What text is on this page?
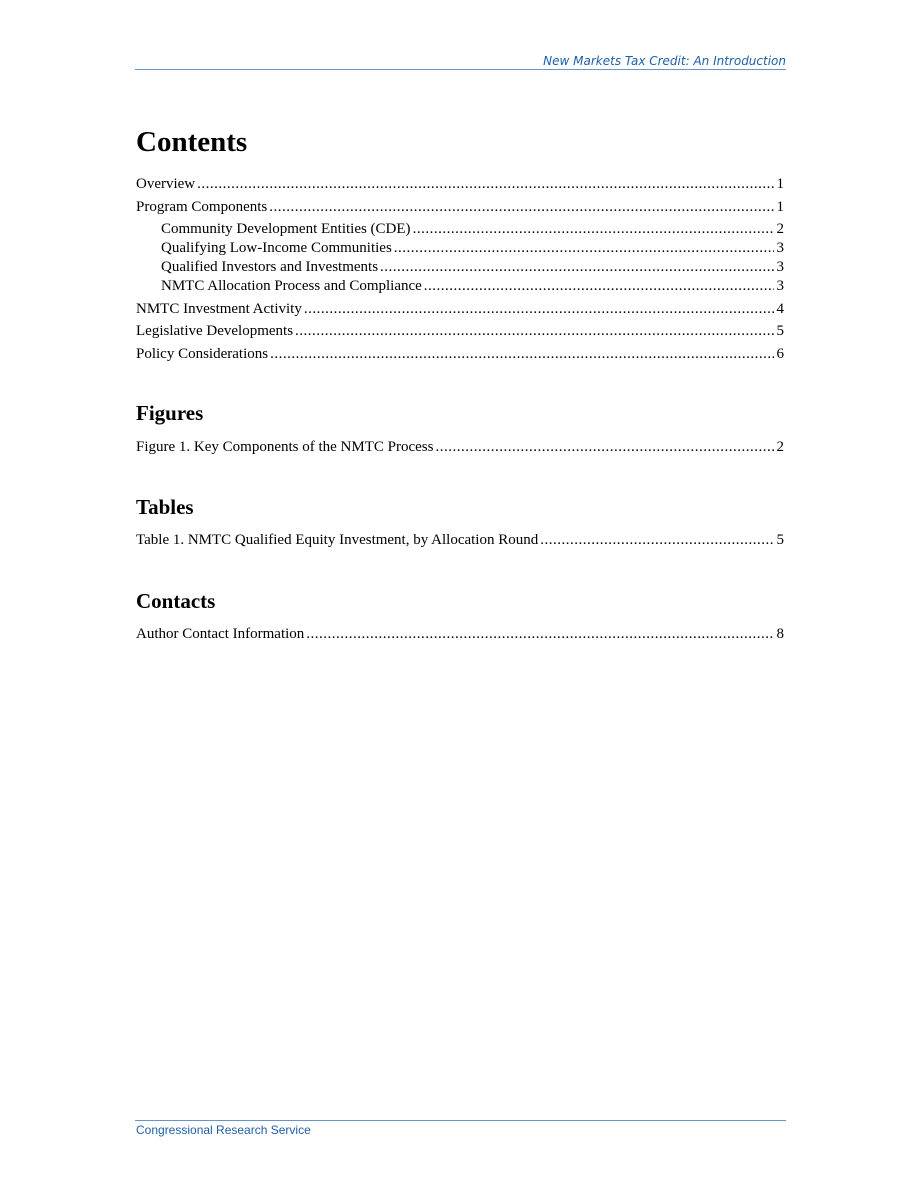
New Markets Tax Credit: An Introduction
Contents
Overview .....	1
Program Components .....	1
Community Development Entities (CDE) .....	2
Qualifying Low-Income Communities .....	3
Qualified Investors and Investments .....	3
NMTC Allocation Process and Compliance .....	3
NMTC Investment Activity .....	4
Legislative Developments .....	5
Policy Considerations .....	6
Figures
Figure 1. Key Components of the NMTC Process .....	2
Tables
Table 1. NMTC Qualified Equity Investment, by Allocation Round .....	5
Contacts
Author Contact Information .....	8
Congressional Research Service
